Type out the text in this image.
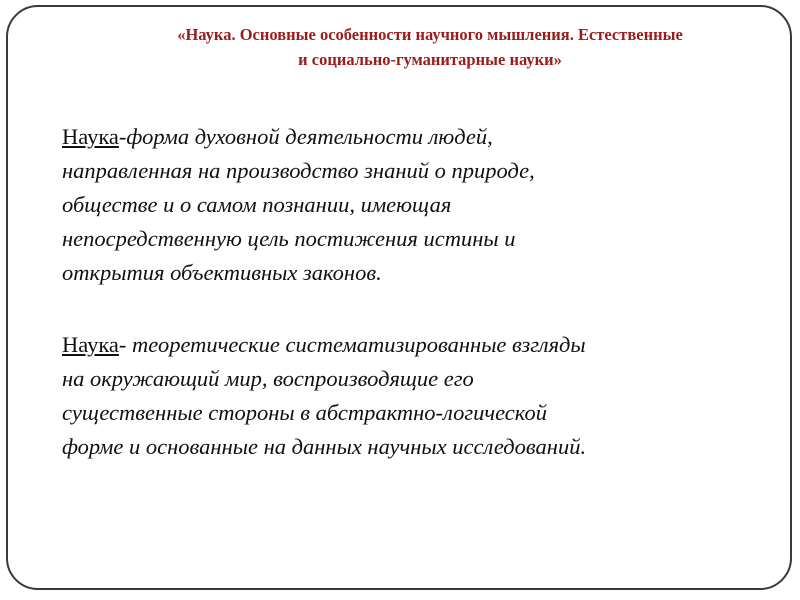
«Наука. Основные особенности научного мышления. Естественные
и социально-гуманитарные науки»
Наука-форма духовной деятельности людей,
направленная на производство знаний о природе,
обществе и о самом познании, имеющая
непосредственную цель постижения истины и
открытия объективных законов.
Наука- теоретические систематизированные взгляды
на окружающий мир, воспроизводящие его
существенные стороны в абстрактно-логической
форме и основанные на данных научных исследований.
